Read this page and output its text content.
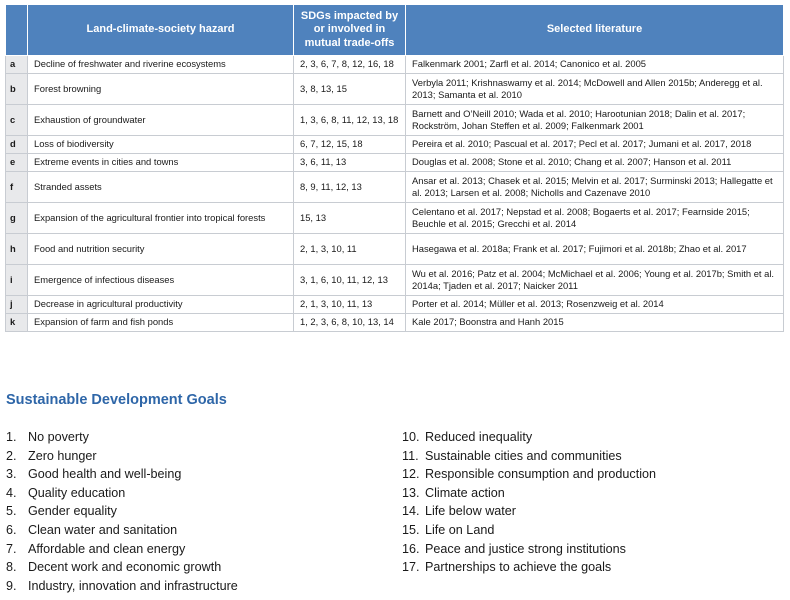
	Land-climate-society hazard	SDGs impacted by or involved in mutual trade-offs	Selected literature
a	Decline of freshwater and riverine ecosystems	2, 3, 6, 7, 8, 12, 16, 18	Falkenmark 2001; Zarfl et al. 2014; Canonico et al. 2005
b	Forest browning	3, 8, 13, 15	Verbyla 2011; Krishnaswamy et al. 2014; McDowell and Allen 2015b; Anderegg et al. 2013; Samanta et al. 2010
c	Exhaustion of groundwater	1, 3, 6, 8, 11, 12, 13, 18	Barnett and O’Neill 2010; Wada et al. 2010; Harootunian 2018; Dalin et al. 2017; Rockström, Johan Steffen et al. 2009; Falkenmark 2001
d	Loss of biodiversity	6, 7, 12, 15, 18	Pereira et al. 2010; Pascual et al. 2017; Pecl et al. 2017; Jumani et al. 2017, 2018
e	Extreme events in cities and towns	3, 6, 11, 13	Douglas et al. 2008; Stone et al. 2010; Chang et al. 2007; Hanson et al. 2011
f	Stranded assets	8, 9, 11, 12, 13	Ansar et al. 2013; Chasek et al. 2015; Melvin et al. 2017; Surminski 2013; Hallegatte et al. 2013; Larsen et al. 2008; Nicholls and Cazenave 2010
g	Expansion of the agricultural frontier into tropical forests	15, 13	Celentano et al. 2017; Nepstad et al. 2008; Bogaerts et al. 2017; Fearnside 2015; Beuchle et al. 2015; Grecchi et al. 2014
h	Food and nutrition security	2, 1, 3, 10, 11	Hasegawa et al. 2018a; Frank et al. 2017; Fujimori et al. 2018b; Zhao et al. 2017
i	Emergence of infectious diseases	3, 1, 6, 10, 11, 12, 13	Wu et al. 2016; Patz et al. 2004; McMichael et al. 2006; Young et al. 2017b; Smith et al. 2014a; Tjaden et al. 2017; Naicker 2011
j	Decrease in agricultural productivity	2, 1, 3, 10, 11, 13	Porter et al. 2014; Müller et al. 2013; Rosenzweig et al. 2014
k	Expansion of farm and fish ponds	1, 2, 3, 6, 8, 10, 13, 14	Kale 2017; Boonstra and Hanh 2015
Sustainable Development Goals
1. No poverty
2. Zero hunger
3. Good health and well-being
4. Quality education
5. Gender equality
6. Clean water and sanitation
7. Affordable and clean energy
8. Decent work and economic growth
9. Industry, innovation and infrastructure
10. Reduced inequality
11. Sustainable cities and communities
12. Responsible consumption and production
13. Climate action
14. Life below water
15. Life on Land
16. Peace and justice strong institutions
17. Partnerships to achieve the goals
